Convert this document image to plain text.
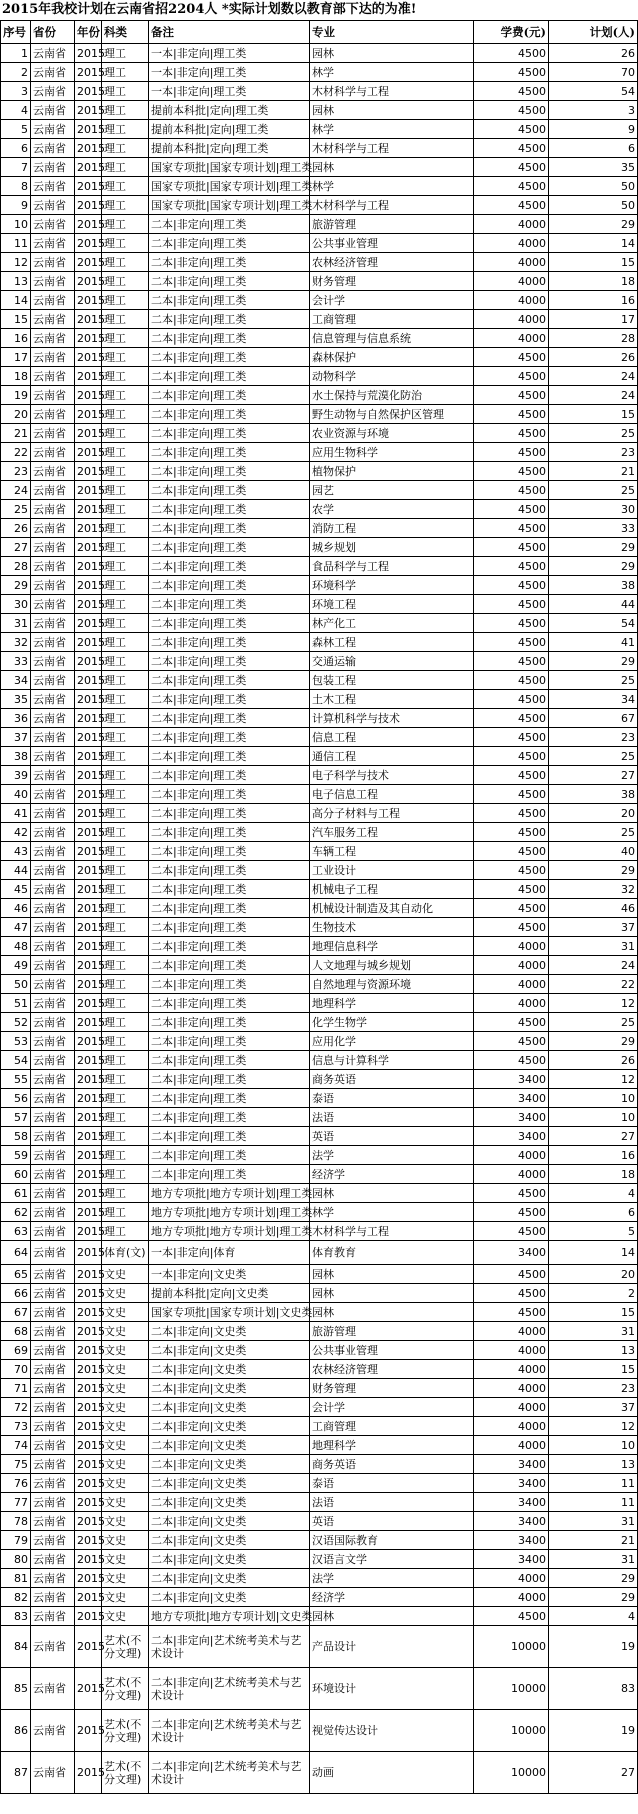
2015年我校计划在云南省招2204人 *实际计划数以教育部下达的为准!
序号	省份	年份	科类	备注	专业	学费(元)	计划(人)
1	云南省	2015	理工	一本|非定向|理工类	园林	4500	26
2	云南省	2015	理工	一本|非定向|理工类	林学	4500	70
3	云南省	2015	理工	一本|非定向|理工类	木材科学与工程	4500	54
4	云南省	2015	理工	提前本科批|定向|理工类	园林	4500	3
5	云南省	2015	理工	提前本科批|定向|理工类	林学	4500	9
6	云南省	2015	理工	提前本科批|定向|理工类	木材科学与工程	4500	6
7	云南省	2015	理工	国家专项批|国家专项计划|理工类	园林	4500	35
8	云南省	2015	理工	国家专项批|国家专项计划|理工类	林学	4500	50
9	云南省	2015	理工	国家专项批|国家专项计划|理工类	木材科学与工程	4500	50
10	云南省	2015	理工	二本|非定向|理工类	旅游管理	4000	29
11	云南省	2015	理工	二本|非定向|理工类	公共事业管理	4000	14
12	云南省	2015	理工	二本|非定向|理工类	农林经济管理	4000	15
13	云南省	2015	理工	二本|非定向|理工类	财务管理	4000	18
14	云南省	2015	理工	二本|非定向|理工类	会计学	4000	16
15	云南省	2015	理工	二本|非定向|理工类	工商管理	4000	17
16	云南省	2015	理工	二本|非定向|理工类	信息管理与信息系统	4000	28
17	云南省	2015	理工	二本|非定向|理工类	森林保护	4500	26
18	云南省	2015	理工	二本|非定向|理工类	动物科学	4500	24
19	云南省	2015	理工	二本|非定向|理工类	水土保持与荒漠化防治	4500	24
20	云南省	2015	理工	二本|非定向|理工类	野生动物与自然保护区管理	4500	15
21	云南省	2015	理工	二本|非定向|理工类	农业资源与环境	4500	25
22	云南省	2015	理工	二本|非定向|理工类	应用生物科学	4500	23
23	云南省	2015	理工	二本|非定向|理工类	植物保护	4500	21
24	云南省	2015	理工	二本|非定向|理工类	园艺	4500	25
25	云南省	2015	理工	二本|非定向|理工类	农学	4500	30
26	云南省	2015	理工	二本|非定向|理工类	消防工程	4500	33
27	云南省	2015	理工	二本|非定向|理工类	城乡规划	4500	29
28	云南省	2015	理工	二本|非定向|理工类	食品科学与工程	4500	29
29	云南省	2015	理工	二本|非定向|理工类	环境科学	4500	38
30	云南省	2015	理工	二本|非定向|理工类	环境工程	4500	44
31	云南省	2015	理工	二本|非定向|理工类	林产化工	4500	54
32	云南省	2015	理工	二本|非定向|理工类	森林工程	4500	41
33	云南省	2015	理工	二本|非定向|理工类	交通运输	4500	29
34	云南省	2015	理工	二本|非定向|理工类	包装工程	4500	25
35	云南省	2015	理工	二本|非定向|理工类	土木工程	4500	34
36	云南省	2015	理工	二本|非定向|理工类	计算机科学与技术	4500	67
37	云南省	2015	理工	二本|非定向|理工类	信息工程	4500	23
38	云南省	2015	理工	二本|非定向|理工类	通信工程	4500	25
39	云南省	2015	理工	二本|非定向|理工类	电子科学与技术	4500	27
40	云南省	2015	理工	二本|非定向|理工类	电子信息工程	4500	38
41	云南省	2015	理工	二本|非定向|理工类	高分子材料与工程	4500	20
42	云南省	2015	理工	二本|非定向|理工类	汽车服务工程	4500	25
43	云南省	2015	理工	二本|非定向|理工类	车辆工程	4500	40
44	云南省	2015	理工	二本|非定向|理工类	工业设计	4500	29
45	云南省	2015	理工	二本|非定向|理工类	机械电子工程	4500	32
46	云南省	2015	理工	二本|非定向|理工类	机械设计制造及其自动化	4500	46
47	云南省	2015	理工	二本|非定向|理工类	生物技术	4500	37
48	云南省	2015	理工	二本|非定向|理工类	地理信息科学	4000	31
49	云南省	2015	理工	二本|非定向|理工类	人文地理与城乡规划	4000	24
50	云南省	2015	理工	二本|非定向|理工类	自然地理与资源环境	4000	22
51	云南省	2015	理工	二本|非定向|理工类	地理科学	4000	12
52	云南省	2015	理工	二本|非定向|理工类	化学生物学	4500	25
53	云南省	2015	理工	二本|非定向|理工类	应用化学	4500	29
54	云南省	2015	理工	二本|非定向|理工类	信息与计算科学	4500	26
55	云南省	2015	理工	二本|非定向|理工类	商务英语	3400	12
56	云南省	2015	理工	二本|非定向|理工类	泰语	3400	10
57	云南省	2015	理工	二本|非定向|理工类	法语	3400	10
58	云南省	2015	理工	二本|非定向|理工类	英语	3400	27
59	云南省	2015	理工	二本|非定向|理工类	法学	4000	16
60	云南省	2015	理工	二本|非定向|理工类	经济学	4000	18
61	云南省	2015	理工	地方专项批|地方专项计划|理工类	园林	4500	4
62	云南省	2015	理工	地方专项批|地方专项计划|理工类	林学	4500	6
63	云南省	2015	理工	地方专项批|地方专项计划|理工类	木材科学与工程	4500	5
64	云南省	2015	体育(文)	一本|非定向|体育	体育教育	3400	14
65	云南省	2015	文史	一本|非定向|文史类	园林	4500	20
66	云南省	2015	文史	提前本科批|定向|文史类	园林	4500	2
67	云南省	2015	文史	国家专项批|国家专项计划|文史类	园林	4500	15
68	云南省	2015	文史	二本|非定向|文史类	旅游管理	4000	31
69	云南省	2015	文史	二本|非定向|文史类	公共事业管理	4000	13
70	云南省	2015	文史	二本|非定向|文史类	农林经济管理	4000	15
71	云南省	2015	文史	二本|非定向|文史类	财务管理	4000	23
72	云南省	2015	文史	二本|非定向|文史类	会计学	4000	37
73	云南省	2015	文史	二本|非定向|文史类	工商管理	4000	12
74	云南省	2015	文史	二本|非定向|文史类	地理科学	4000	10
75	云南省	2015	文史	二本|非定向|文史类	商务英语	3400	13
76	云南省	2015	文史	二本|非定向|文史类	泰语	3400	11
77	云南省	2015	文史	二本|非定向|文史类	法语	3400	11
78	云南省	2015	文史	二本|非定向|文史类	英语	3400	31
79	云南省	2015	文史	二本|非定向|文史类	汉语国际教育	3400	21
80	云南省	2015	文史	二本|非定向|文史类	汉语言文学	3400	31
81	云南省	2015	文史	二本|非定向|文史类	法学	4000	29
82	云南省	2015	文史	二本|非定向|文史类	经济学	4000	29
83	云南省	2015	文史	地方专项批|地方专项计划|文史类	园林	4500	4
84	云南省	2015	艺术(不分文理)	二本|非定向|艺术统考美术与艺术设计	产品设计	10000	19
85	云南省	2015	艺术(不分文理)	二本|非定向|艺术统考美术与艺术设计	环境设计	10000	83
86	云南省	2015	艺术(不分文理)	二本|非定向|艺术统考美术与艺术设计	视觉传达设计	10000	19
87	云南省	2015	艺术(不分文理)	二本|非定向|艺术统考美术与艺术设计	动画	10000	27
